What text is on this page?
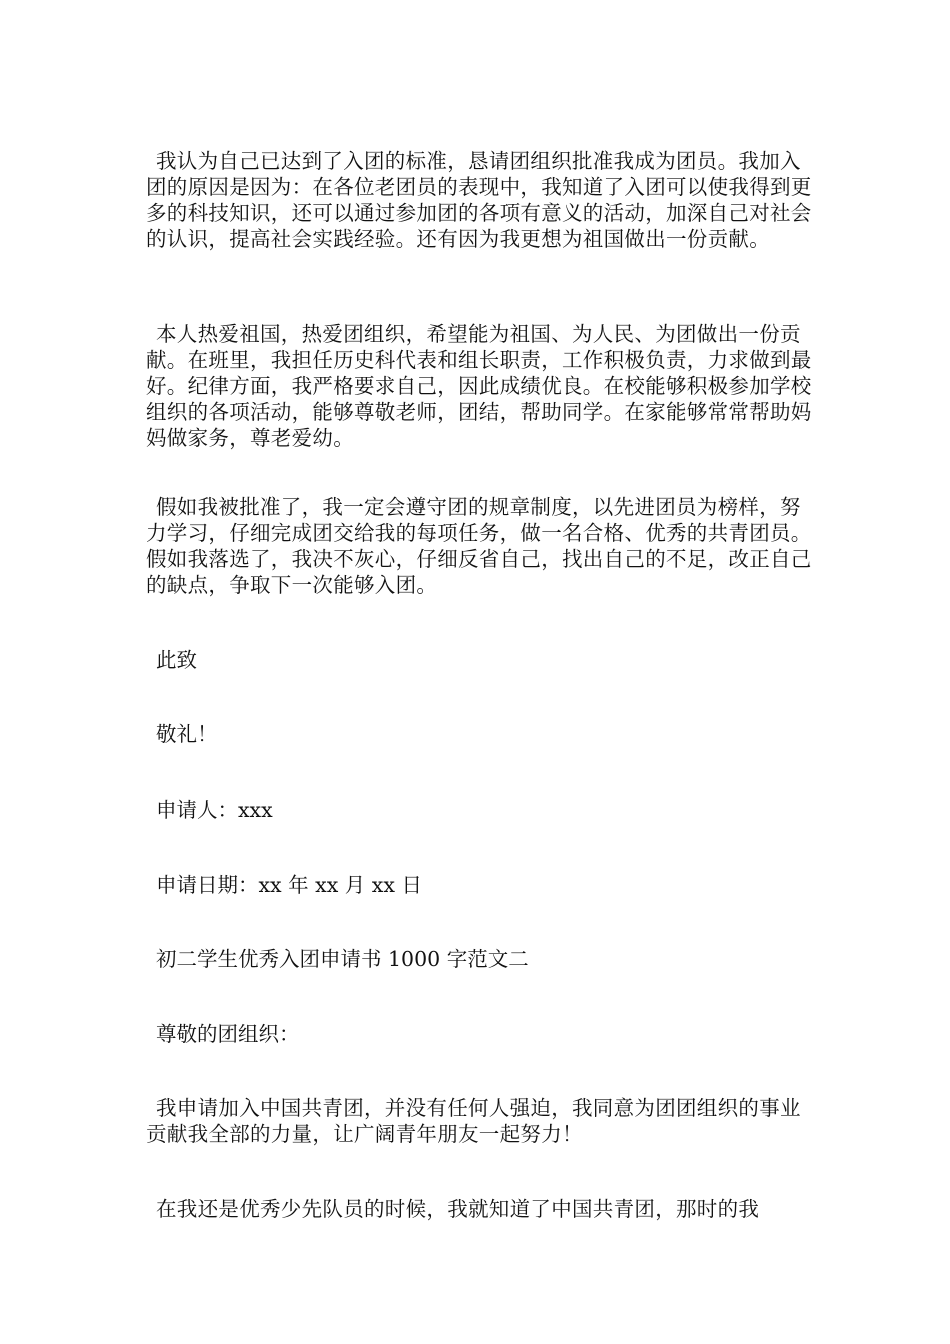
我认为自己已达到了入团的标准，恳请团组织批准我成为团员。我加入团的原因是因为：在各位老团员的表现中，我知道了入团可以使我得到更多的科技知识，还可以通过参加团的各项有意义的活动，加深自己对社会的认识，提高社会实践经验。还有因为我更想为祖国做出一份贡献。

本人热爱祖国，热爱团组织，希望能为祖国、为人民、为团做出一份贡献。在班里，我担任历史科代表和组长职责，工作积极负责，力求做到最好。纪律方面，我严格要求自己，因此成绩优良。在校能够积极参加学校组织的各项活动，能够尊敬老师，团结，帮助同学。在家能够常常帮助妈妈做家务，尊老爱幼。

假如我被批准了，我一定会遵守团的规章制度，以先进团员为榜样，努力学习，仔细完成团交给我的每项任务，做一名合格、优秀的共青团员。假如我落选了，我决不灰心，仔细反省自己，找出自己的不足，改正自己的缺点，争取下一次能够入团。

此致

敬礼！

申请人：xxx

申请日期：xx 年 xx 月 xx 日

初二学生优秀入团申请书 1000 字范文二

尊敬的团组织：

我申请加入中国共青团，并没有任何人强迫，我同意为团团组织的事业贡献我全部的力量，让广阔青年朋友一起努力！

在我还是优秀少先队员的时候，我就知道了中国共青团，那时的我
